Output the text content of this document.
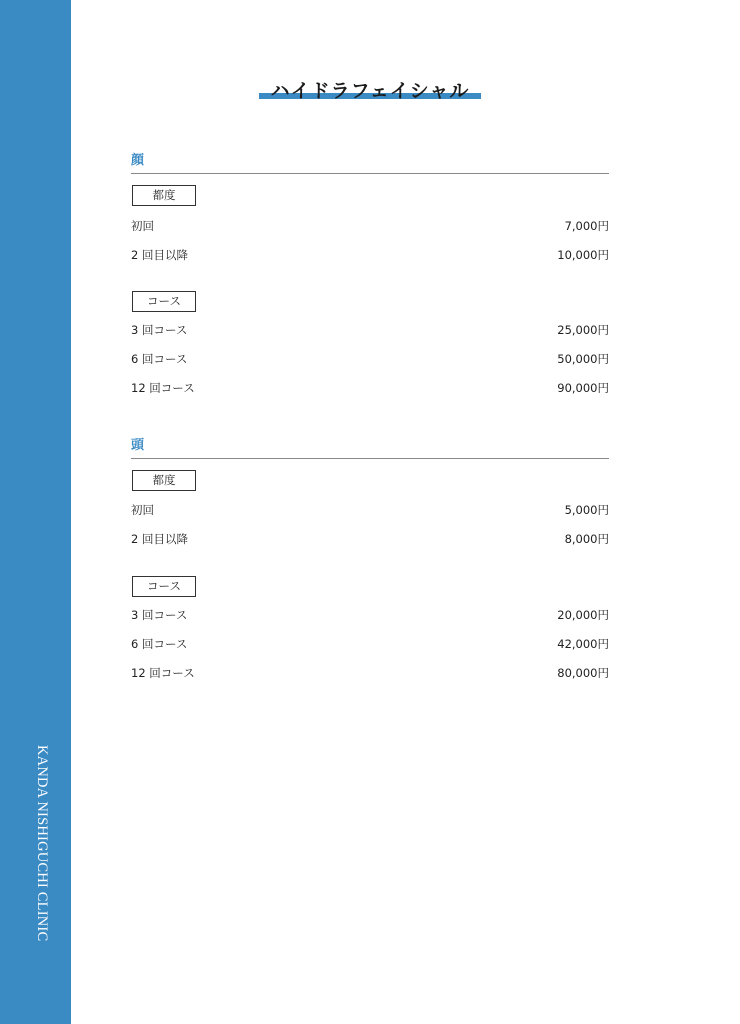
KANDA NISHIGUCHI CLINIC
ハイドラフェイシャル
顔
都度
初回	7,000円
2 回目以降	10,000円
コース
3 回コース	25,000円
6 回コース	50,000円
12 回コース	90,000円
頭
都度
初回	5,000円
2 回目以降	8,000円
コース
3 回コース	20,000円
6 回コース	42,000円
12 回コース	80,000円
